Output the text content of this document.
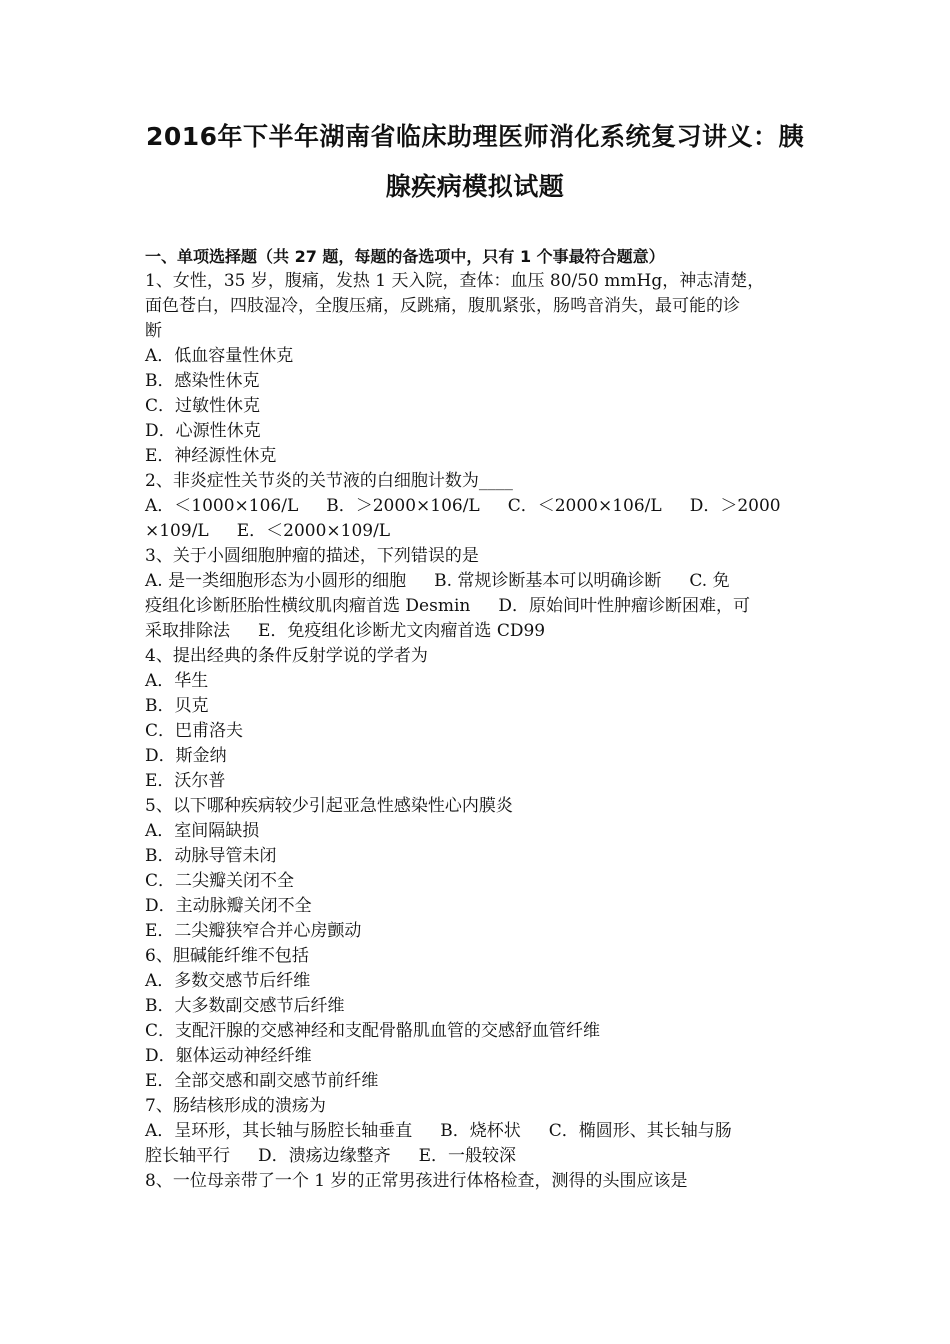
2016年下半年湖南省临床助理医师消化系统复习讲义：胰
腺疾病模拟试题
一、单项选择题（共 27 题，每题的备选项中，只有 1 个事最符合题意）
1、女性，35 岁，腹痛，发热 1 天入院，查体：血压 80/50 mmHg，神志清楚，
面色苍白，四肢湿冷，全腹压痛，反跳痛，腹肌紧张，肠鸣音消失，最可能的诊
断
A．低血容量性休克
B．感染性休克
C．过敏性休克
D．心源性休克
E．神经源性休克
2、非炎症性关节炎的关节液的白细胞计数为____
A．＜1000×106/L B．＞2000×106/L C．＜2000×106/L D．＞2000
×109/L E．＜2000×109/L
3、关于小圆细胞肿瘤的描述，下列错误的是
A. 是一类细胞形态为小圆形的细胞 B. 常规诊断基本可以明确诊断 C. 免
疫组化诊断胚胎性横纹肌肉瘤首选 Desmin D．原始间叶性肿瘤诊断困难，可
采取排除法 E．免疫组化诊断尤文肉瘤首选 CD99
4、提出经典的条件反射学说的学者为
A．华生
B．贝克
C．巴甫洛夫
D．斯金纳
E．沃尔普
5、以下哪种疾病较少引起亚急性感染性心内膜炎
A．室间隔缺损
B．动脉导管未闭
C．二尖瓣关闭不全
D．主动脉瓣关闭不全
E．二尖瓣狭窄合并心房颤动
6、胆碱能纤维不包括
A．多数交感节后纤维
B．大多数副交感节后纤维
C．支配汗腺的交感神经和支配骨骼肌血管的交感舒血管纤维
D．躯体运动神经纤维
E．全部交感和副交感节前纤维
7、肠结核形成的溃疡为
A．呈环形，其长轴与肠腔长轴垂直 B．烧杯状 C．椭圆形、其长轴与肠
腔长轴平行 D．溃疡边缘整齐 E．一般较深
8、一位母亲带了一个 1 岁的正常男孩进行体格检查，测得的头围应该是
